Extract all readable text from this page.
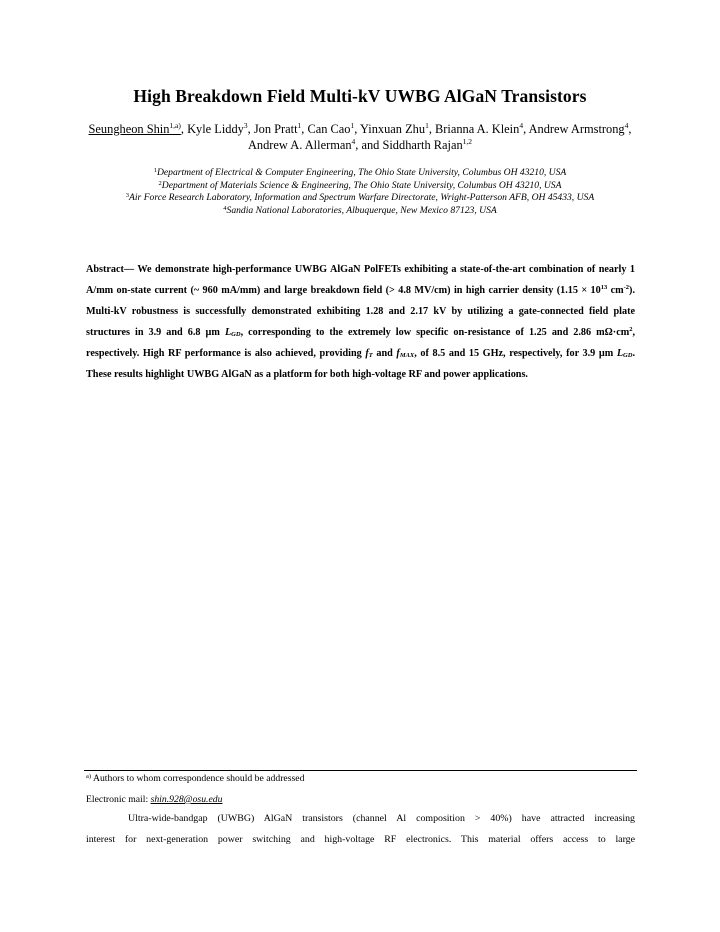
High Breakdown Field Multi-kV UWBG AlGaN Transistors
Seungheon Shin$^{1,a)}$, Kyle Liddy$^3$, Jon Pratt$^1$, Can Cao$^1$, Yinxuan Zhu$^1$, Brianna A. Klein$^4$, Andrew Armstrong$^4$, Andrew A. Allerman$^4$, and Siddharth Rajan$^{1,2}$
$^1$Department of Electrical & Computer Engineering, The Ohio State University, Columbus OH 43210, USA
$^2$Department of Materials Science & Engineering, The Ohio State University, Columbus OH 43210, USA
$^3$Air Force Research Laboratory, Information and Spectrum Warfare Directorate, Wright-Patterson AFB, OH 45433, USA
$^4$Sandia National Laboratories, Albuquerque, New Mexico 87123, USA
Abstract— We demonstrate high-performance UWBG AlGaN PolFETs exhibiting a state-of-the-art combination of nearly 1 A/mm on-state current (~ 960 mA/mm) and large breakdown field (> 4.8 MV/cm) in high carrier density ($1.15 \times 10^{13}$ $cm^{-2}$). Multi-kV robustness is successfully demonstrated exhibiting 1.28 and 2.17 kV by utilizing a gate-connected field plate structures in 3.9 and 6.8 µm $L_{GD}$, corresponding to the extremely low specific on-resistance of 1.25 and 2.86 $m\Omega\cdot cm^2$, respectively. High RF performance is also achieved, providing $f_T$ and $f_{MAX}$, of 8.5 and 15 GHz, respectively, for 3.9 µm $L_{GD}$. These results highlight UWBG AlGaN as a platform for both high-voltage RF and power applications.
$^{a)}$ Authors to whom correspondence should be addressed
Electronic mail: shin.928@osu.edu
Ultra-wide-bandgap (UWBG) AlGaN transistors (channel Al composition > 40%) have attracted increasing
interest for next-generation power switching and high-voltage RF electronics. This material offers access to large
